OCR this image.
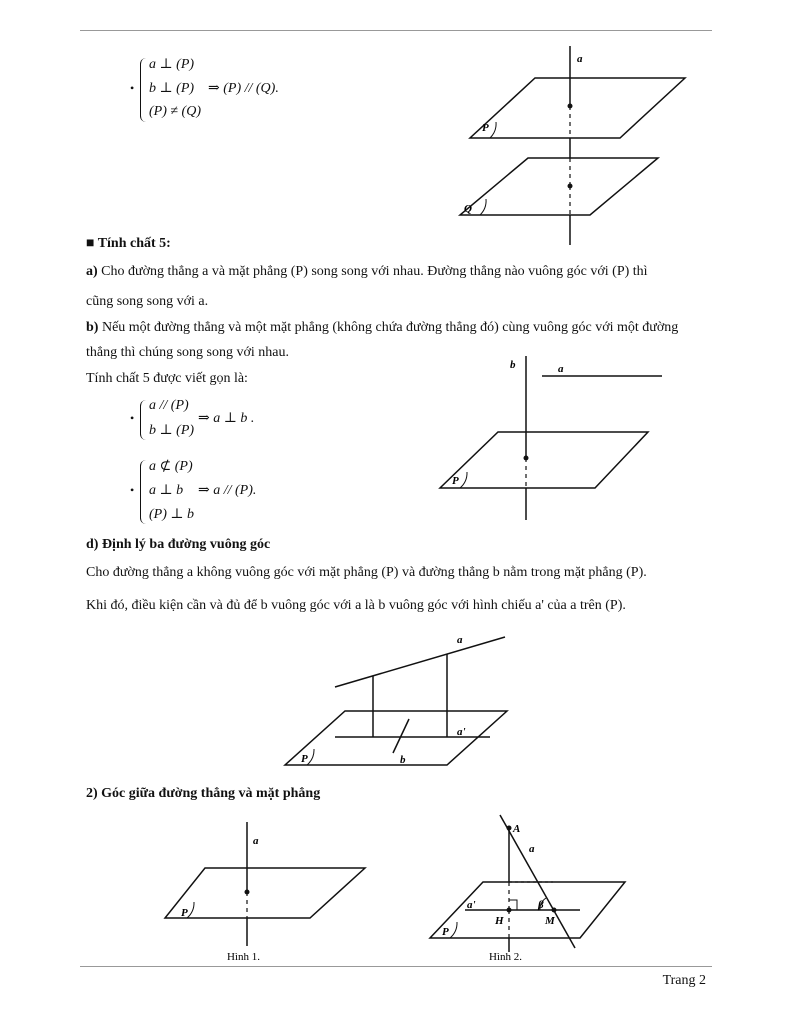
•
a ⊥ (P)
b ⊥ (P)
(P) ≠ (Q)
⇒ (P) // (Q).
a
P
Q
■ Tính chất 5:
a) Cho đường thẳng a và mặt phẳng (P) song song với nhau. Đường thẳng nào vuông góc với (P) thì
cũng song song với a.
b) Nếu một đường thẳng và một mặt phẳng (không chứa đường thẳng đó) cùng vuông góc với một đường
thẳng thì chúng song song với nhau.
Tính chất 5 được viết gọn là:
•
a // (P)
b ⊥ (P)
⇒ a ⊥ b .
•
a ⊄ (P)
a ⊥ b
(P) ⊥ b
⇒ a // (P).
b	a
P
d) Định lý ba đường vuông góc
Cho đường thẳng a không vuông góc với mặt phẳng (P) và đường thẳng b nằm trong mặt phẳng (P).
Khi đó, điều kiện cần và đủ để b vuông góc với a là b vuông góc với hình chiếu a' của a trên (P).
a
a'
b
P
2) Góc giữa đường thẳng và mặt phẳng
a
P
Hình 1.
A
a
a'
H	M
β
P
Hình 2.
Trang 2
